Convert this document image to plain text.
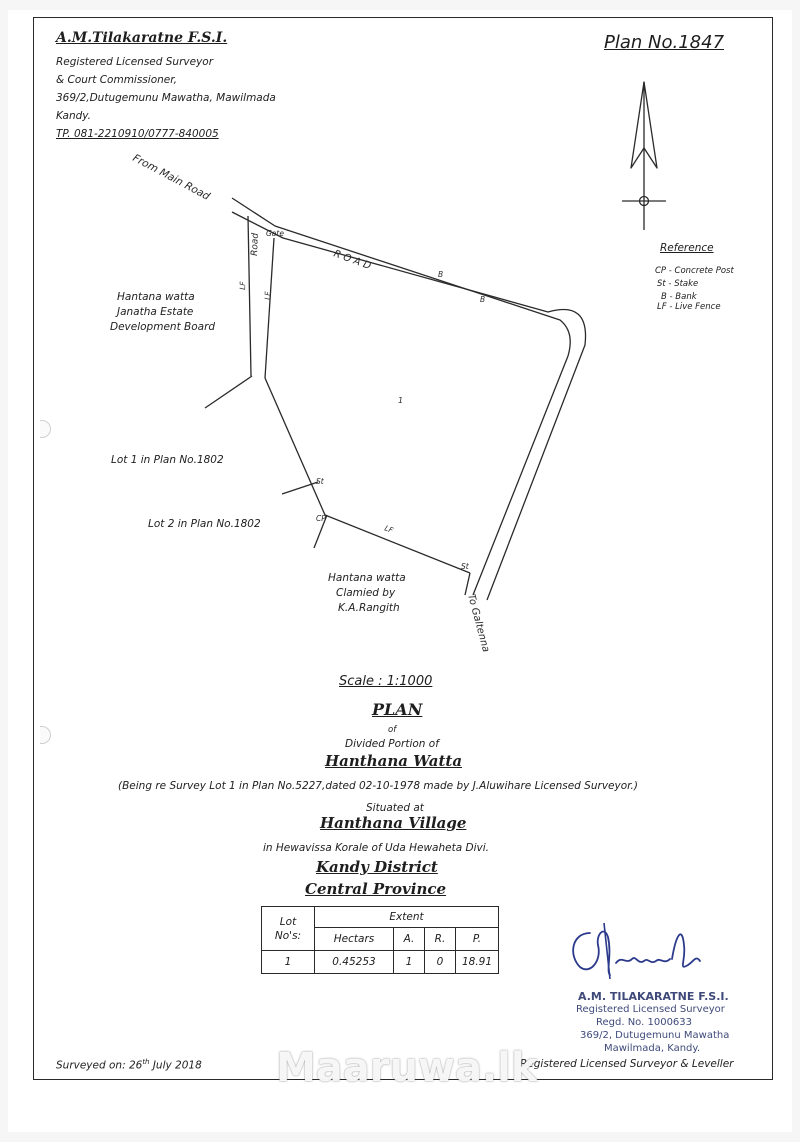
A.M.Tilakaratne F.S.I.
Registered Licensed Surveyor
& Court Commissioner,
369/2,Dutugemunu Mawatha, Mawilmada
Kandy.
TP. 081-2210910/0777-840005
Plan No.1847
Reference
CP - Concrete Post
St - Stake
B - Bank
LF - Live Fence
From Main Road
Gate
R O A D
Road
LF
LF
B
B
1
St
CP
LF
St
To Galtenna
Hantana watta
Janatha Estate
Development Board
Lot 1 in Plan No.1802
Lot 2 in Plan No.1802
Hantana watta
Clamied by
K.A.Rangith
Scale : 1:1000
PLAN
of
Divided Portion of
Hanthana Watta
(Being re Survey Lot 1 in Plan No.5227,dated 02-10-1978 made by J.Aluwihare Licensed Surveyor.)
Situated at
Hanthana Village
in Hewavissa Korale of Uda Hewaheta Divi.
Kandy District
Central Province
Lot
No's:	Extent			
	Hectars	A.	R.	P.
1	0.45253	1	0	18.91
A.M. TILAKARATNE F.S.I.
Registered Licensed Surveyor
Regd. No. 1000633
369/2, Dutugemunu Mawatha
Mawilmada, Kandy.
Surveyed on: 26th July 2018	Registered Licensed Surveyor & Leveller
Maaruwa.lk
